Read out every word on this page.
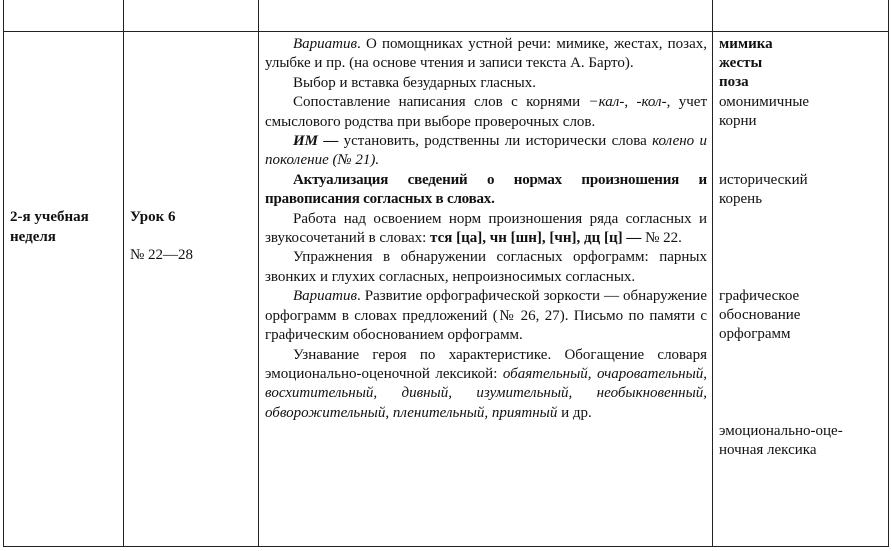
2-я учебная неделя
Урок 6
№ 22—28
Вариатив. О помощниках устной речи: мимике, жестах, позах, улыбке и пр. (на основе чтения и записи текста А. Барто).
Выбор и вставка безударных гласных.
Сопоставление написания слов с корнями −кал-, -кол-, учет смыслового родства при выборе проверочных слов.
ИМ — установить, родственны ли исторически слова колено и поколение (№ 21).
Актуализация сведений о нормах произношения и правописания согласных в словах.
Работа над освоением норм произношения ряда согласных и звукосочетаний в словах: тся [ца], чн [шн], [чн], дц [ц] — № 22.
Упражнения в обнаружении согласных орфограмм: парных звонких и глухих согласных, непроизносимых согласных.
Вариатив. Развитие орфографической зоркости — обнаружение орфограмм в словах предложений (№ 26, 27). Письмо по памяти с графическим обоснованием орфограмм.
Узнавание героя по характеристике. Обогащение словаря эмоционально-оценочной лексикой: обаятельный, очаровательный, восхитительный, дивный, изумительный, необыкновенный, обворожительный, пленительный, приятный и др.
мимика
жесты
поза
омонимичные
корни
исторический
корень
графическое
обоснование
орфограмм
эмоционально-оце-
ночная лексика
